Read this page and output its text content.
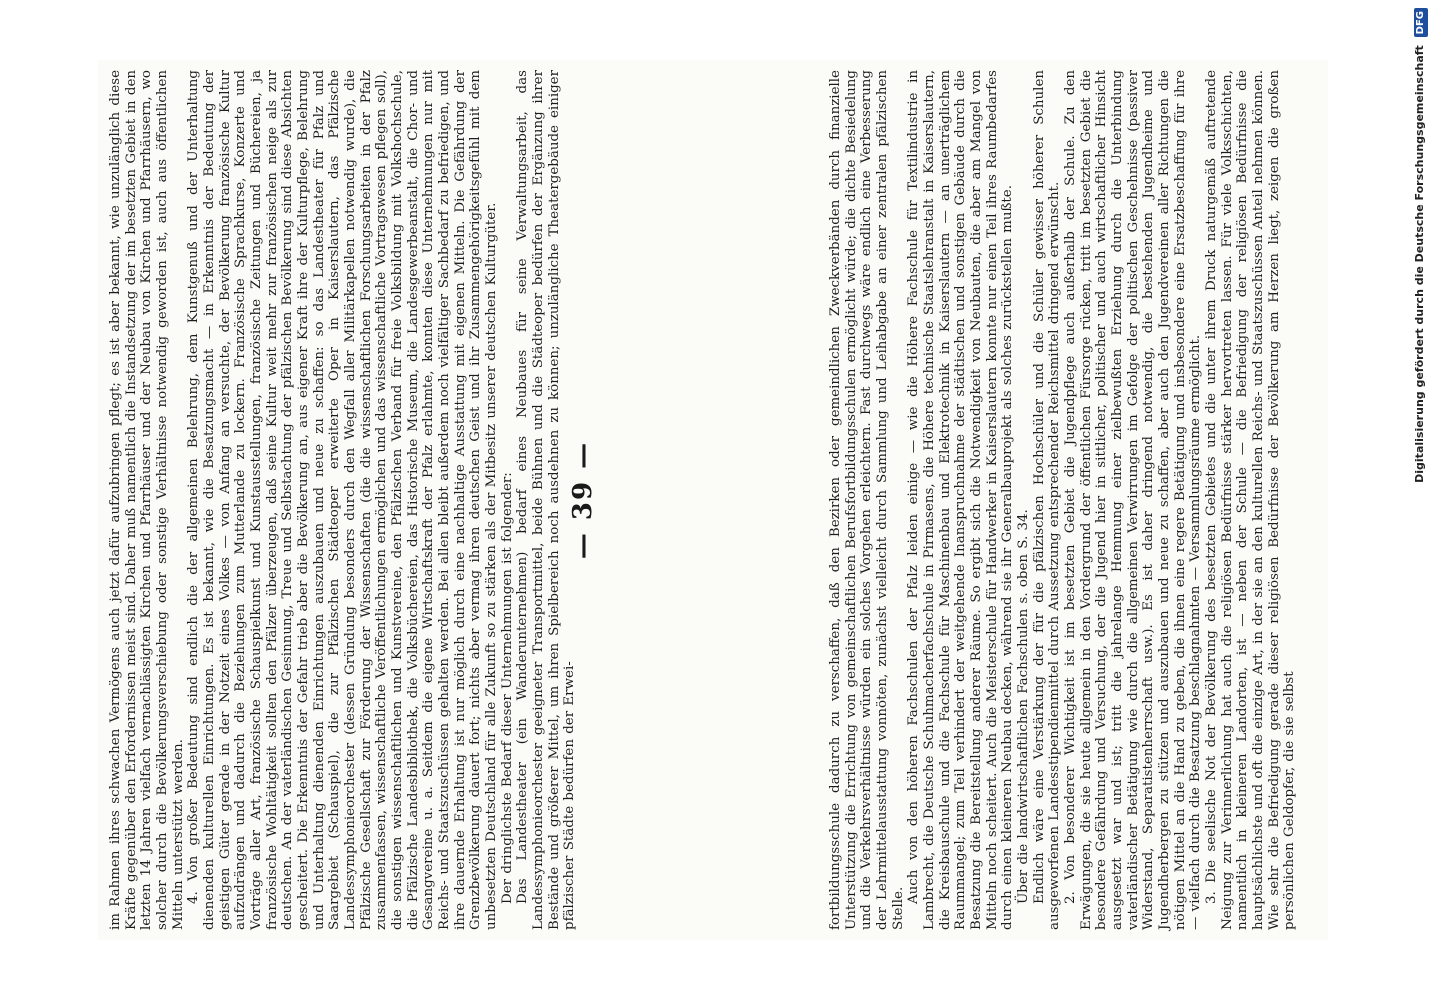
fortbildungsschule dadurch zu verschaffen, daß den Bezirken oder gemeindlichen Zweckverbänden durch finanzielle Unterstützung die Errichtung von gemeinschaftlichen Berufsfortbildungsschulen ermöglicht würde; die dichte Besiedelung und die Verkehrsverhältnisse würden ein solches Vorgehen erleichtern. Fast durchwegs wäre endlich eine Verbesserung der Lehrmittelausstattung vonnöten, zunächst vielleicht durch Sammlung und Leihabgabe an einer zentralen pfälzischen Stelle.

Auch von den höheren Fachschulen der Pfalz leiden einige — wie die Höhere Fachschule für Textilindustrie in Lambrecht, die Deutsche Schuhmacherfachschule in Pirmasens, die Höhere technische Staatslehranstalt in Kaiserslautern, die Kreisbauschule und die Fachschule für Maschinenbau und Elektrotechnik in Kaiserslautern — an unerträglichem Raummangel; zum Teil verhindert der weitgehende Inanspruchnahme der städtischen und sonstigen Gebäude durch die Besatzung die Bereitstellung anderer Räume. So ergibt sich die Notwendigkeit von Neubauten, die aber am Mangel von Mitteln noch scheitert. Auch die Meisterschule für Handwerker in Kaiserslautern konnte nur einen Teil ihres Raumbedarfes durch einen kleineren Neubau decken, während sie ihr Generalbauprojekt als solches zurückstellen mußte. Über die landwirtschaftlichen Fachschulen s. oben S. 34. Endlich wäre eine Verstärkung der für die pfälzischen Hochschüler und die Schüler gewisser höherer Schulen ausgeworfenen Landesstipendienmittel durch Aussetzung entsprechender Reichsmittel dringend erwünscht. 2. Von besonderer Wichtigkeit ist im besetzten Gebiet die Jugendpflege auch außerhalb der Schule. Zu den Erwägungen, die sie heute allgemein in den Vordergrund der öffentlichen Fürsorge rücken, tritt im besetzten Gebiet die besondere Gefährdung und Versuchung, der die Jugend hier in sittlicher, politischer und auch wirtschaftlicher Hinsicht ausgesetzt war und ist; tritt die jahrelange Hemmung einer zielbewußten Erziehung durch die Unterbindung vaterländischer Betätigung wie durch die allgemeinen Verwirrungen im Gefolge der politischen Geschehnisse (passiver Widerstand, Separatistenherrschaft usw.). Es ist daher dringend notwendig, die bestehenden Jugendheime und Jugendherbergen zu stützen und auszubauen und neue zu schaffen, aber auch den Jugendvereinen aller Richtungen die nötigen Mittel an die Hand zu geben, die ihnen eine regere Betätigung und insbesondere eine Ersatzbeschaffung für ihre — vielfach durch die Besatzung beschlagnahmten — Versammlungsräume ermöglicht. 3. Die seelische Not der Bevölkerung des besetzten Gebietes und die unter ihrem Druck naturgemäß auftretende Neigung zur Verinnerlichung hat auch die religiösen Bedürfnisse stärker hervortreten lassen. Für viele Volksschichten, namentlich in kleineren Landorten, ist — neben der Schule — die Befriedigung der religiösen Bedürfnisse die hauptsächlichste und oft die einzige Art, in der sie an den kulturellen Reichs- und Staatszuschüssen Anteil nehmen können. Wie sehr die Befriedigung gerade dieser religiösen Bedürfnisse der Bevölkerung am Herzen liegt, zeigen die großen persönlichen Geldopfer, die sie selbst

— 39 —

im Rahmen ihres schwachen Vermögens auch jetzt dafür aufzubringen pflegt; es ist aber bekannt, wie unzulänglich diese Kräfte gegenüber den Erfordernissen meist sind. Daher muß namentlich die Instandsetzung der im besetzten Gebiet in den letzten 14 Jahren vielfach vernachlässigten Kirchen und Pfarrhäuser und der Neubau von Kirchen und Pfarrhäusern, wo solcher durch die Bevölkerungsverschiebung oder sonstige Verhältnisse notwendig geworden ist, auch aus öffentlichen Mitteln unterstützt werden. 4. Von großer Bedeutung sind endlich die der allgemeinen Belehrung, dem Kunstgenuß und der Unterhaltung dienenden kulturellen Einrichtungen. Es ist bekannt, wie die Besatzungsmacht — in Erkenntnis der Bedeutung der geistigen Güter gerade in der Notzeit eines Volkes — von Anfang an versuchte, der Bevölkerung französische Kultur aufzudrängen und dadurch die Beziehungen zum Mutterlande zu lockern. Französische Sprachkurse, Konzerte und Vorträge aller Art, französische Schauspielkunst und Kunstausstellungen, französische Zeitungen und Büchereien, ja französische Wohltätigkeit sollten den Pfälzer überzeugen, daß seine Kultur weit mehr zur französischen neige als zur deutschen. An der vaterländischen Gesinnung, Treue und Selbstachtung der pfälzischen Bevölkerung sind diese Absichten gescheitert. Die Erkenntnis der Gefahr trieb aber die Bevölkerung an, aus eigener Kraft ihre der Kulturpflege, Belehrung und Unterhaltung dienenden Einrichtungen auszubauen und neue zu schaffen: so das Landestheater für Pfalz und Saargebiet (Schauspiel), die zur Pfälzischen Städteoper erweiterte Oper in Kaiserslautern, das Pfälzische Landessymphonieorchester (dessen Gründung besonders durch den Wegfall aller Militärkapellen notwendig wurde), die Pfälzische Gesellschaft zur Förderung der Wissenschaften (die die wissenschaftlichen Forschungsarbeiten in der Pfalz zusammenfassen, wissenschaftliche Veröffentlichungen ermöglichen und das wissenschaftliche Vortragswesen pflegen soll), die sonstigen wissenschaftlichen und Kunstvereine, den Pfälzischen Verband für freie Volksbildung mit Volkshochschule, die Pfälzische Landesbibliothek, die Volksbüchereien, das Historische Museum, die Landesgewerbeanstalt, die Chor- und Gesangvereine u. a. Seitdem die eigene Wirtschaftskraft der Pfalz erlahmte, konnten diese Unternehmungen nur mit Reichs- und Staatszuschüssen gehalten werden. Bei allen bleibt außerdem noch vielfältiger Sachbedarf zu befriedigen, und ihre dauernde Erhaltung ist nur möglich durch eine nachhaltige Ausstattung mit eigenen Mitteln. Die Gefährdung der Grenzbevölkerung dauert fort; nichts aber vermag ihren deutschen Geist und ihr Zusammengehörigkeitsgefühl mit dem unbesetzten Deutschland für alle Zukunft so zu stärken als der Mitbesitz unserer deutschen Kulturgüter. Der dringlichste Bedarf dieser Unternehmungen ist folgender: Das Landestheater (ein Wanderunternehmen) bedarf eines Neubaues für seine Verwaltungsarbeit, das Landessymphonieorchester geeigneter Transportmittel, beide Bühnen und die Städteoper bedürfen der Ergänzung ihrer Bestände und größerer Mittel, um ihren Spielbereich noch ausdehnen zu können; unzulängliche Theatergebäude einiger pfälzischer Städte bedürfen der Erwei-

Digitalisierung gefördert durch die Deutsche Forschungsgemeinschaft DFG
